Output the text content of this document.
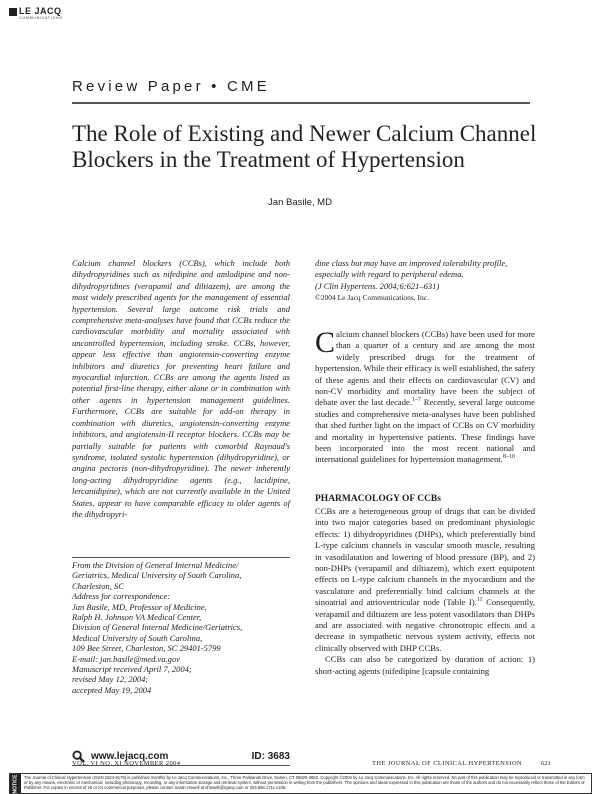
LE JACQ
COMMUNICATIONS
Review Paper • CME
The Role of Existing and Newer Calcium Channel Blockers in the Treatment of Hypertension
Jan Basile, MD
Calcium channel blockers (CCBs), which include both dihydropyridines such as nifedipine and amlodipine and non-dihydropyridines (verapamil and diltiazem), are among the most widely prescribed agents for the management of essential hypertension. Several large outcome risk trials and comprehensive meta-analyses have found that CCBs reduce the cardiovascular morbidity and mortality associated with uncontrolled hypertension, including stroke. CCBs, however, appear less effective than angiotensin-converting enzyme inhibitors and diuretics for preventing heart failure and myocardial infarction. CCBs are among the agents listed as potential first-line therapy, either alone or in combination with other agents in hypertension management guidelines. Furthermore, CCBs are suitable for add-on therapy in combination with diuretics, angiotensin-converting enzyme inhibitors, and angiotensin-II receptor blockers. CCBs may be partially suitable for patients with comorbid Raynaud's syndrome, isolated systolic hypertension (dihydropyridine), or angina pectoris (non-dihydropyridine). The newer inherently long-acting dihydropyridine agents (e.g., lacidipine, lercanidipine), which are not currently available in the United States, appear to have comparable efficacy to older agents of the dihydropyri-
dine class but may have an improved tolerability profile, especially with regard to peripheral edema.
(J Clin Hypertens. 2004;6:621–631)
©2004 Le Jacq Communications, Inc.
From the Division of General Internal Medicine/
Geriatrics, Medical University of South Carolina,
Charleston, SC
Address for correspondence:
Jan Basile, MD, Professor of Medicine,
Ralph H. Johnson VA Medical Center,
Division of General Internal Medicine/Geriatrics,
Medical University of South Carolina,
109 Bee Street, Charleston, SC 29401-5799
E-mail: jan.basile@med.va.gov
Manuscript received April 7, 2004;
revised May 12, 2004;
accepted May 19, 2004
www.lejacq.com	ID: 3683

Calcium channel blockers (CCBs) have been used for more than a quarter of a century and are among the most widely prescribed drugs for the treatment of hypertension. While their efficacy is well established, the safety of these agents and their effects on cardiovascular (CV) and non-CV morbidity and mortality have been the subject of debate over the last decade.$^{1-7}$ Recently, several large outcome studies and comprehensive meta-analyses have been published that shed further light on the impact of CCBs on CV morbidity and mortality in hypertensive patients. These findings have been incorporated into the most recent national and international guidelines for hypertension management.$^{8-10}$

PHARMACOLOGY OF CCBs

CCBs are a heterogeneous group of drugs that can be divided into two major categories based on predominant physiologic effects: 1) dihydropyridines (DHPs), which preferentially bind L-type calcium channels in vascular smooth muscle, resulting in vasodilatation and lowering of blood pressure (BP), and 2) non-DHPs (verapamil and diltiazem), which exert equipotent effects on L-type calcium channels in the myocardium and the vasculature and preferentially bind calcium channels at the sinoatrial and atrioventricular node (Table I).$^{11}$ Consequently, verapamil and diltiazem are less potent vasodilators than DHPs and are associated with negative chronotropic effects and a decrease in sympathetic nervous system activity, effects not clinically observed with DHP CCBs.

CCBs can also be categorized by duration of action: 1) short-acting agents (nifedipine [capsule containing

VOL. VI NO. XI NOVEMBER 2004	THE JOURNAL OF CLINICAL HYPERTENSION	621
NOTICE	The Journal of Clinical Hypertension (ISSN 1524-6175) is published monthly by Le Jacq Communications, Inc., Three Parklands Drive, Darien, CT 06820-3652. Copyright ©2004 by Le Jacq Communications, Inc. All rights reserved. No part of this publication may be reproduced or transmitted in any form or by any means, electronic or mechanical, including photocopy, recording, or any information storage and retrieval system, without permission in writing from the publishers. The opinions and ideas expressed in this publication are those of the authors and do not necessarily reflect those of the Editors or Publisher. For copies in excess of 25 or for commercial purposes, please contact Sarah Howell at showell@lejacq.com or 203.656.1711 x106.
